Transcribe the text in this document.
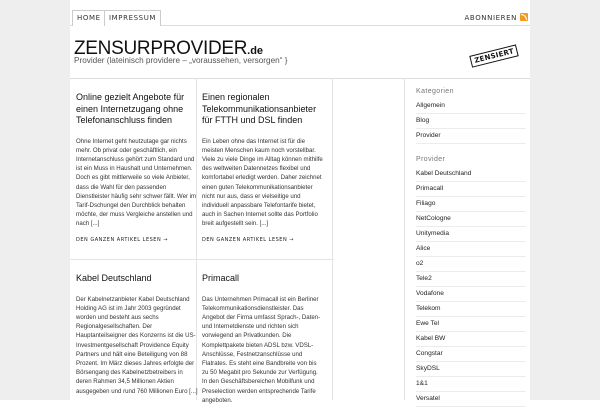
HOME	IMPRESSUM	ABONNIEREN
ZENSURPROVIDER.de
Provider (lateinisch providere – „voraussehen, versorgen“ }	ZENSIERT
Online gezielt Angebote für einen Internetzugang ohne Telefonanschluss finden

Ohne Internet geht heutzutage gar nichts mehr. Ob privat oder geschäftlich, ein Internetanschluss gehört zum Standard und ist ein Muss in Haushalt und Unternehmen. Doch es gibt mittlerweile so viele Anbieter, dass die Wahl für den passenden Dienstleister häufig sehr schwer fällt. Wer im Tarif-Dschungel den Durchblick behalten möchte, der muss Vergleiche anstellen und nach [...]

DEN GANZEN ARTIKEL LESEN →
Einen regionalen Telekommunikationsanbieter für FTTH und DSL finden

Ein Leben ohne das Internet ist für die meisten Menschen kaum noch vorstellbar. Viele zu viele Dinge im Alltag können mithilfe des weltweiten Datennetzes flexibel und komfortabel erledigt werden. Daher zeichnet einen guten Telekommunikationsanbieter nicht nur aus, dass er vielseitige und individuell anpassbare Telefontarife bietet, auch in Sachen Internet sollte das Portfolio breit aufgestellt sein. [...]

DEN GANZEN ARTIKEL LESEN →
Kabel Deutschland

Der Kabelnetzanbieter Kabel Deutschland Holding AG ist im Jahr 2003 gegründet worden und besteht aus sechs Regionalgesellschaften. Der Hauptanteilseigner des Konzerns ist die US-Investmentgesellschaft Providence Equity Partners und hält eine Beteiligung von 88 Prozent. Im März dieses Jahres erfolgte der Börsengang des Kabelnetzbetreibers in deren Rahmen 34,5 Millionen Aktien ausgegeben und rund 760 Millionen Euro [...]

Primacall

Das Unternehmen Primacall ist ein Berliner Telekommunikationsdienstleister. Das Angebot der Firma umfasst Sprach-, Daten- und Internetdienste und richten sich vorwiegend an Privatkunden. Die Komplettpakete bieten ADSL bzw. VDSL-Anschlüsse, Festnetzanschlüsse und Flatrates. Es steht eine Bandbreite von bis zu 50 Megabit pro Sekunde zur Verfügung. In den Geschäftsbereichen Mobilfunk und Preselection werden entsprechende Tarife angeboten.

Kategorien
Allgemein
Blog
Provider
Provider
Kabel Deutschland
Primacall
Filiago
NetCologne
Unitymedia
Alice
o2
Tele2
Vodafone
Telekom
Ewe Tel
Kabel BW
Congstar
SkyDSL
1&1
Versatel
